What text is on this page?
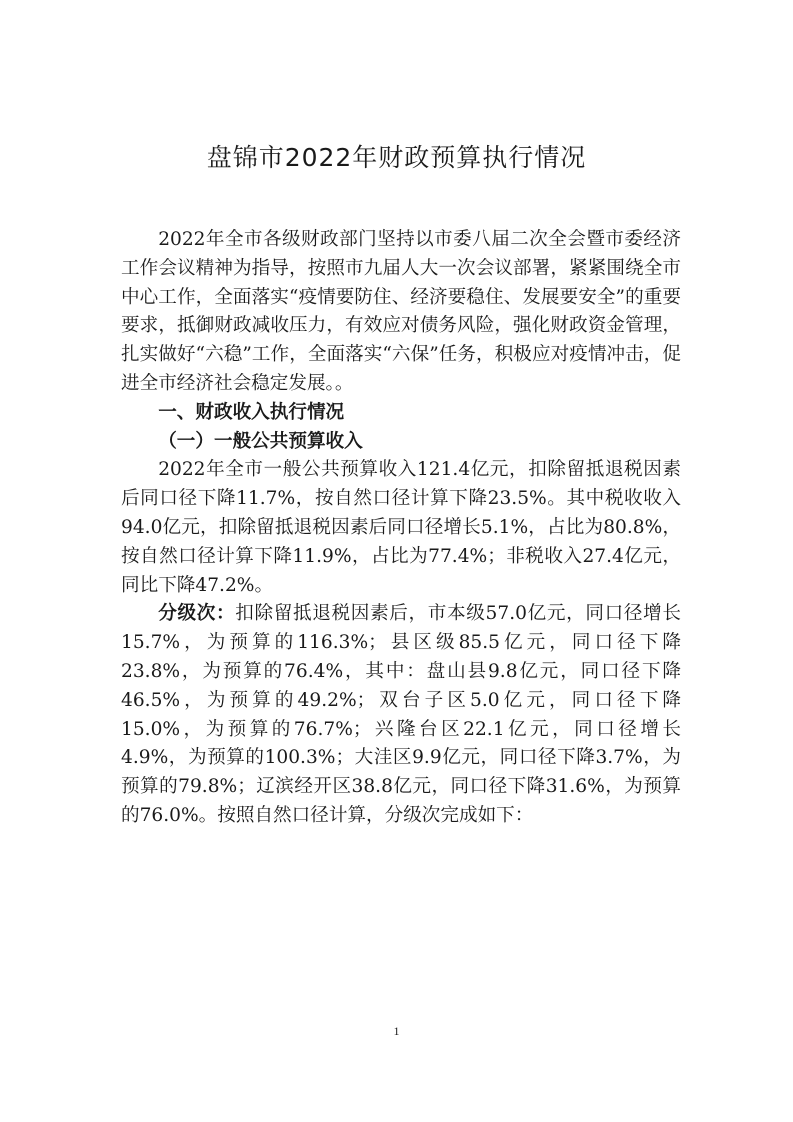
盘锦市2022年财政预算执行情况

2022年全市各级财政部门坚持以市委八届二次全会暨市委经济工作会议精神为指导，按照市九届人大一次会议部署，紧紧围绕全市中心工作，全面落实“疫情要防住、经济要稳住、发展要安全”的重要要求，抵御财政减收压力，有效应对债务风险，强化财政资金管理，扎实做好“六稳”工作，全面落实“六保”任务，积极应对疫情冲击，促进全市经济社会稳定发展。。

一、财政收入执行情况

（一）一般公共预算收入

2022年全市一般公共预算收入121.4亿元，扣除留抵退税因素后同口径下降11.7%，按自然口径计算下降23.5%。其中税收收入94.0亿元，扣除留抵退税因素后同口径增长5.1%，占比为80.8%，按自然口径计算下降11.9%，占比为77.4%；非税收入27.4亿元，同比下降47.2%。

分级次：扣除留抵退税因素后，市本级57.0亿元，同口径增长15.7%，为预算的116.3%；县区级85.5亿元，同口径下降23.8%，为预算的76.4%，其中：盘山县9.8亿元，同口径下降46.5%，为预算的49.2%；双台子区5.0亿元，同口径下降15.0%，为预算的76.7%；兴隆台区22.1亿元，同口径增长4.9%，为预算的100.3%；大洼区9.9亿元，同口径下降3.7%，为预算的79.8%；辽滨经开区38.8亿元，同口径下降31.6%，为预算的76.0%。按照自然口径计算，分级次完成如下：

1
